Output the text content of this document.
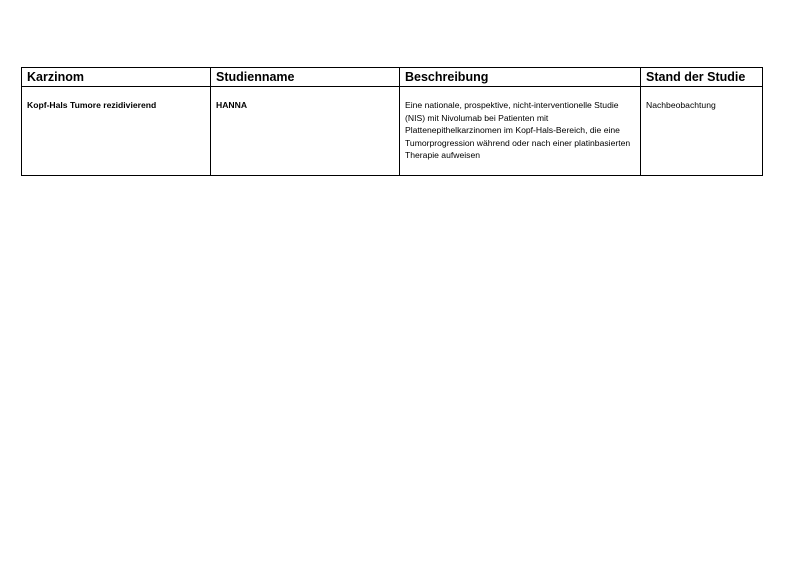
Karzinom	Studienname	Beschreibung	Stand der Studie
Kopf-Hals Tumore rezidivierend	HANNA	Eine nationale, prospektive, nicht-interventionelle Studie (NIS) mit Nivolumab bei Patienten mit Plattenepithelkarzinomen im Kopf-Hals-Bereich, die eine Tumorprogression während oder nach einer platinbasierten Therapie aufweisen	Nachbeobachtung
